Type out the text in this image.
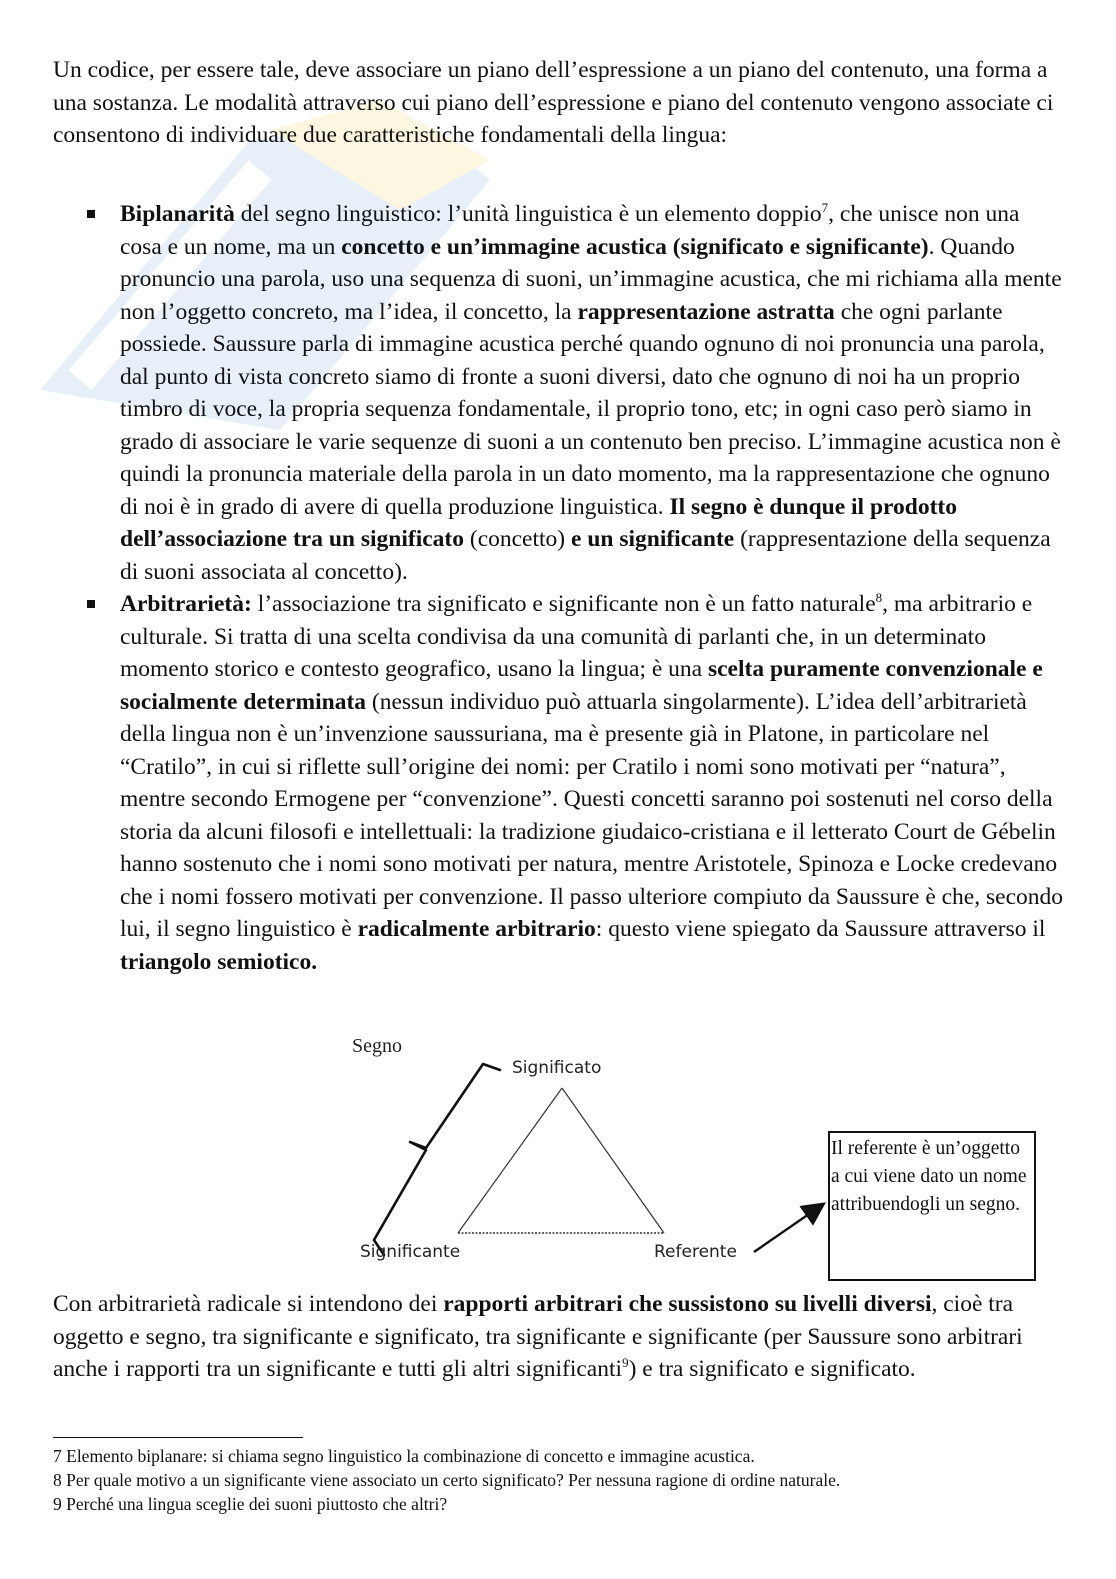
Un codice, per essere tale, deve associare un piano dell’espressione a un piano del contenuto, una forma a una sostanza. Le modalità attraverso cui piano dell’espressione e piano del contenuto vengono associate ci consentono di individuare due caratteristiche fondamentali della lingua:
Biplanarità del segno linguistico: l’unità linguistica è un elemento doppio$^7$, che unisce non una cosa e un nome, ma un concetto e un’immagine acustica (significato e significante). Quando pronuncio una parola, uso una sequenza di suoni, un’immagine acustica, che mi richiama alla mente non l’oggetto concreto, ma l’idea, il concetto, la rappresentazione astratta che ogni parlante possiede. Saussure parla di immagine acustica perché quando ognuno di noi pronuncia una parola, dal punto di vista concreto siamo di fronte a suoni diversi, dato che ognuno di noi ha un proprio timbro di voce, la propria sequenza fondamentale, il proprio tono, etc; in ogni caso però siamo in grado di associare le varie sequenze di suoni a un contenuto ben preciso. L’immagine acustica non è quindi la pronuncia materiale della parola in un dato momento, ma la rappresentazione che ognuno di noi è in grado di avere di quella produzione linguistica. Il segno è dunque il prodotto dell’associazione tra un significato (concetto) e un significante (rappresentazione della sequenza di suoni associata al concetto).
Arbitrarietà: l’associazione tra significato e significante non è un fatto naturale$^8$, ma arbitrario e culturale. Si tratta di una scelta condivisa da una comunità di parlanti che, in un determinato momento storico e contesto geografico, usano la lingua; è una scelta puramente convenzionale e socialmente determinata (nessun individuo può attuarla singolarmente). L’idea dell’arbitrarietà della lingua non è un’invenzione saussuriana, ma è presente già in Platone, in particolare nel “Cratilo”, in cui si riflette sull’origine dei nomi: per Cratilo i nomi sono motivati per “natura”, mentre secondo Ermogene per “convenzione”. Questi concetti saranno poi sostenuti nel corso della storia da alcuni filosofi e intellettuali: la tradizione giudaico-cristiana e il letterato Court de Gébelin hanno sostenuto che i nomi sono motivati per natura, mentre Aristotele, Spinoza e Locke credevano che i nomi fossero motivati per convenzione. Il passo ulteriore compiuto da Saussure è che, secondo lui, il segno linguistico è radicalmente arbitrario: questo viene spiegato da Saussure attraverso il triangolo semiotico.
Segno
Significato
Significante	Referente
Il referente è un’oggetto a cui viene dato un nome attribuendogli un segno.
Con arbitrarietà radicale si intendono dei rapporti arbitrari che sussistono su livelli diversi, cioè tra oggetto e segno, tra significante e significato, tra significante e significante (per Saussure sono arbitrari anche i rapporti tra un significante e tutti gli altri significanti$^9$) e tra significato e significato.
7 Elemento biplanare: si chiama segno linguistico la combinazione di concetto e immagine acustica.
8 Per quale motivo a un significante viene associato un certo significato? Per nessuna ragione di ordine naturale.
9 Perché una lingua sceglie dei suoni piuttosto che altri?
